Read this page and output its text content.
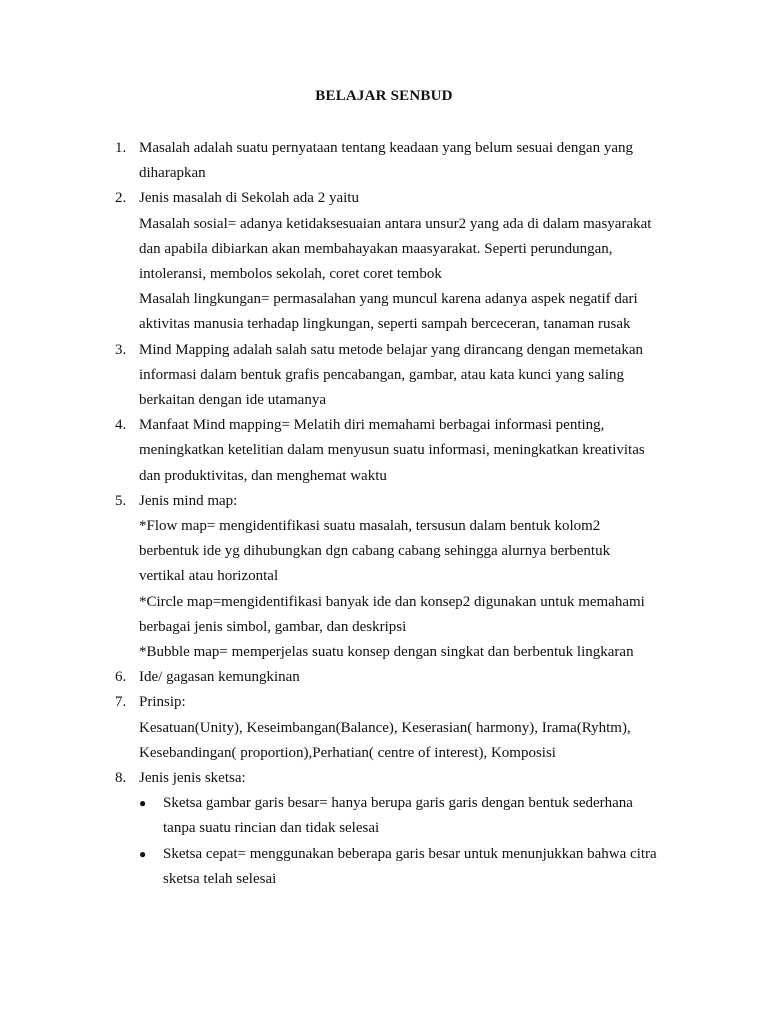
BELAJAR SENBUD
1. Masalah adalah suatu pernyataan tentang keadaan yang belum sesuai dengan yang
diharapkan
2. Jenis masalah di Sekolah ada 2 yaitu
Masalah sosial= adanya ketidaksesuaian antara unsur2 yang ada di dalam masyarakat
dan apabila dibiarkan akan membahayakan maasyarakat. Seperti perundungan,
intoleransi, membolos sekolah, coret coret tembok
Masalah lingkungan= permasalahan yang muncul karena adanya aspek negatif dari
aktivitas manusia terhadap lingkungan, seperti sampah berceceran, tanaman rusak
3. Mind Mapping adalah salah satu metode belajar yang dirancang dengan memetakan
informasi dalam bentuk grafis pencabangan, gambar, atau kata kunci yang saling
berkaitan dengan ide utamanya
4. Manfaat Mind mapping= Melatih diri memahami berbagai informasi penting,
meningkatkan ketelitian dalam menyusun suatu informasi, meningkatkan kreativitas
dan produktivitas, dan menghemat waktu
5. Jenis mind map:
*Flow map= mengidentifikasi suatu masalah, tersusun dalam bentuk kolom2
berbentuk ide yg dihubungkan dgn cabang cabang sehingga alurnya berbentuk
vertikal atau horizontal
*Circle map=mengidentifikasi banyak ide dan konsep2 digunakan untuk memahami
berbagai jenis simbol, gambar, dan deskripsi
*Bubble map= memperjelas suatu konsep dengan singkat dan berbentuk lingkaran
6. Ide/ gagasan kemungkinan
7. Prinsip:
Kesatuan(Unity), Keseimbangan(Balance), Keserasian( harmony), Irama(Ryhtm),
Kesebandingan( proportion),Perhatian( centre of interest), Komposisi
8. Jenis jenis sketsa:
● Sketsa gambar garis besar= hanya berupa garis garis dengan bentuk sederhana
tanpa suatu rincian dan tidak selesai
● Sketsa cepat= menggunakan beberapa garis besar untuk menunjukkan bahwa citra
sketsa telah selesai
